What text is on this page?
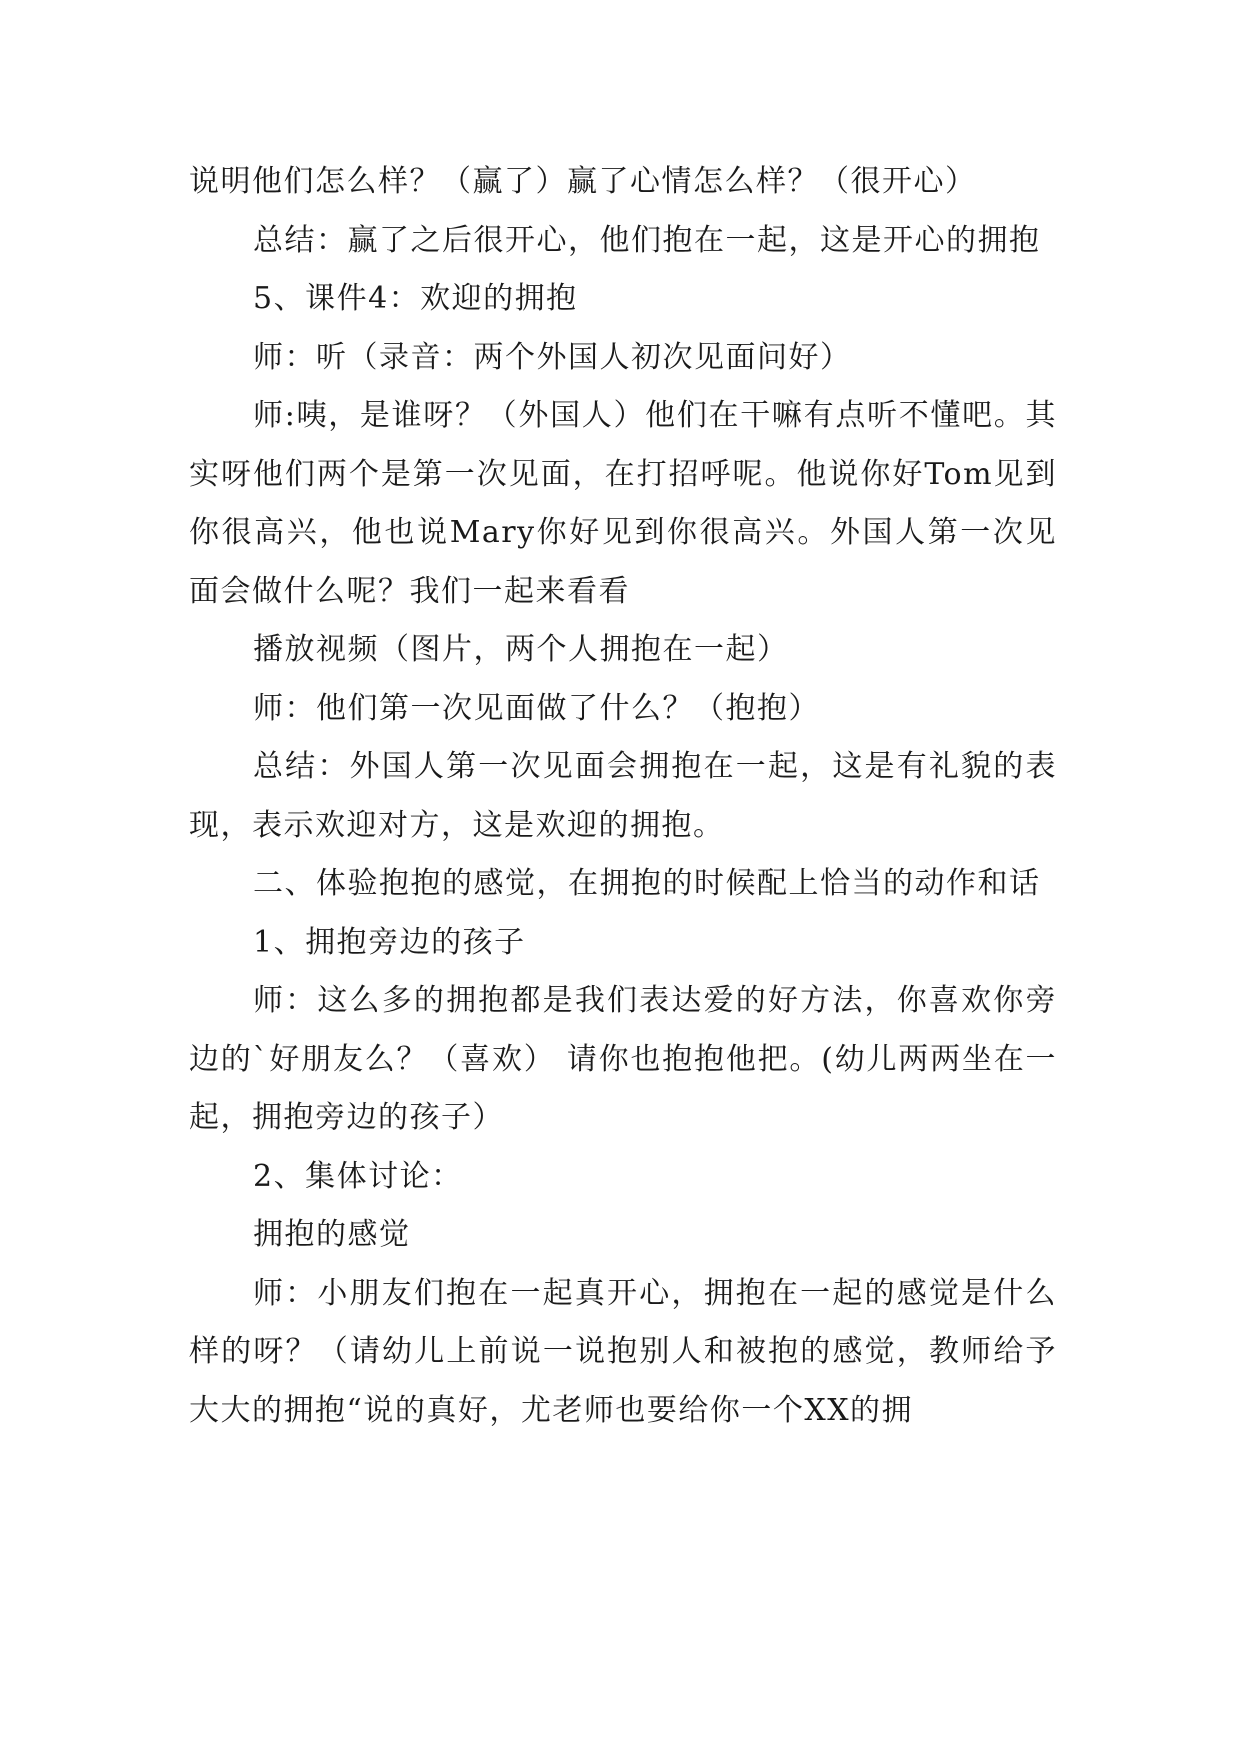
说明他们怎么样？（赢了）赢了心情怎么样？（很开心）

总结：赢了之后很开心，他们抱在一起，这是开心的拥抱

5、课件4：欢迎的拥抱

师：听（录音：两个外国人初次见面问好）

师:咦，是谁呀？（外国人）他们在干嘛有点听不懂吧。其实呀他们两个是第一次见面，在打招呼呢。他说你好Tom见到你很高兴，他也说Mary你好见到你很高兴。外国人第一次见面会做什么呢？我们一起来看看

播放视频（图片，两个人拥抱在一起）

师：他们第一次见面做了什么？（抱抱）

总结：外国人第一次见面会拥抱在一起，这是有礼貌的表现，表示欢迎对方，这是欢迎的拥抱。

二、体验抱抱的感觉，在拥抱的时候配上恰当的动作和话

1、拥抱旁边的孩子

师：这么多的拥抱都是我们表达爱的好方法，你喜欢你旁边的`好朋友么？（喜欢） 请你也抱抱他把。(幼儿两两坐在一起，拥抱旁边的孩子）

2、集体讨论：

拥抱的感觉

师：小朋友们抱在一起真开心，拥抱在一起的感觉是什么样的呀？（请幼儿上前说一说抱别人和被抱的感觉，教师给予大大的拥抱“说的真好，尤老师也要给你一个XX的拥
